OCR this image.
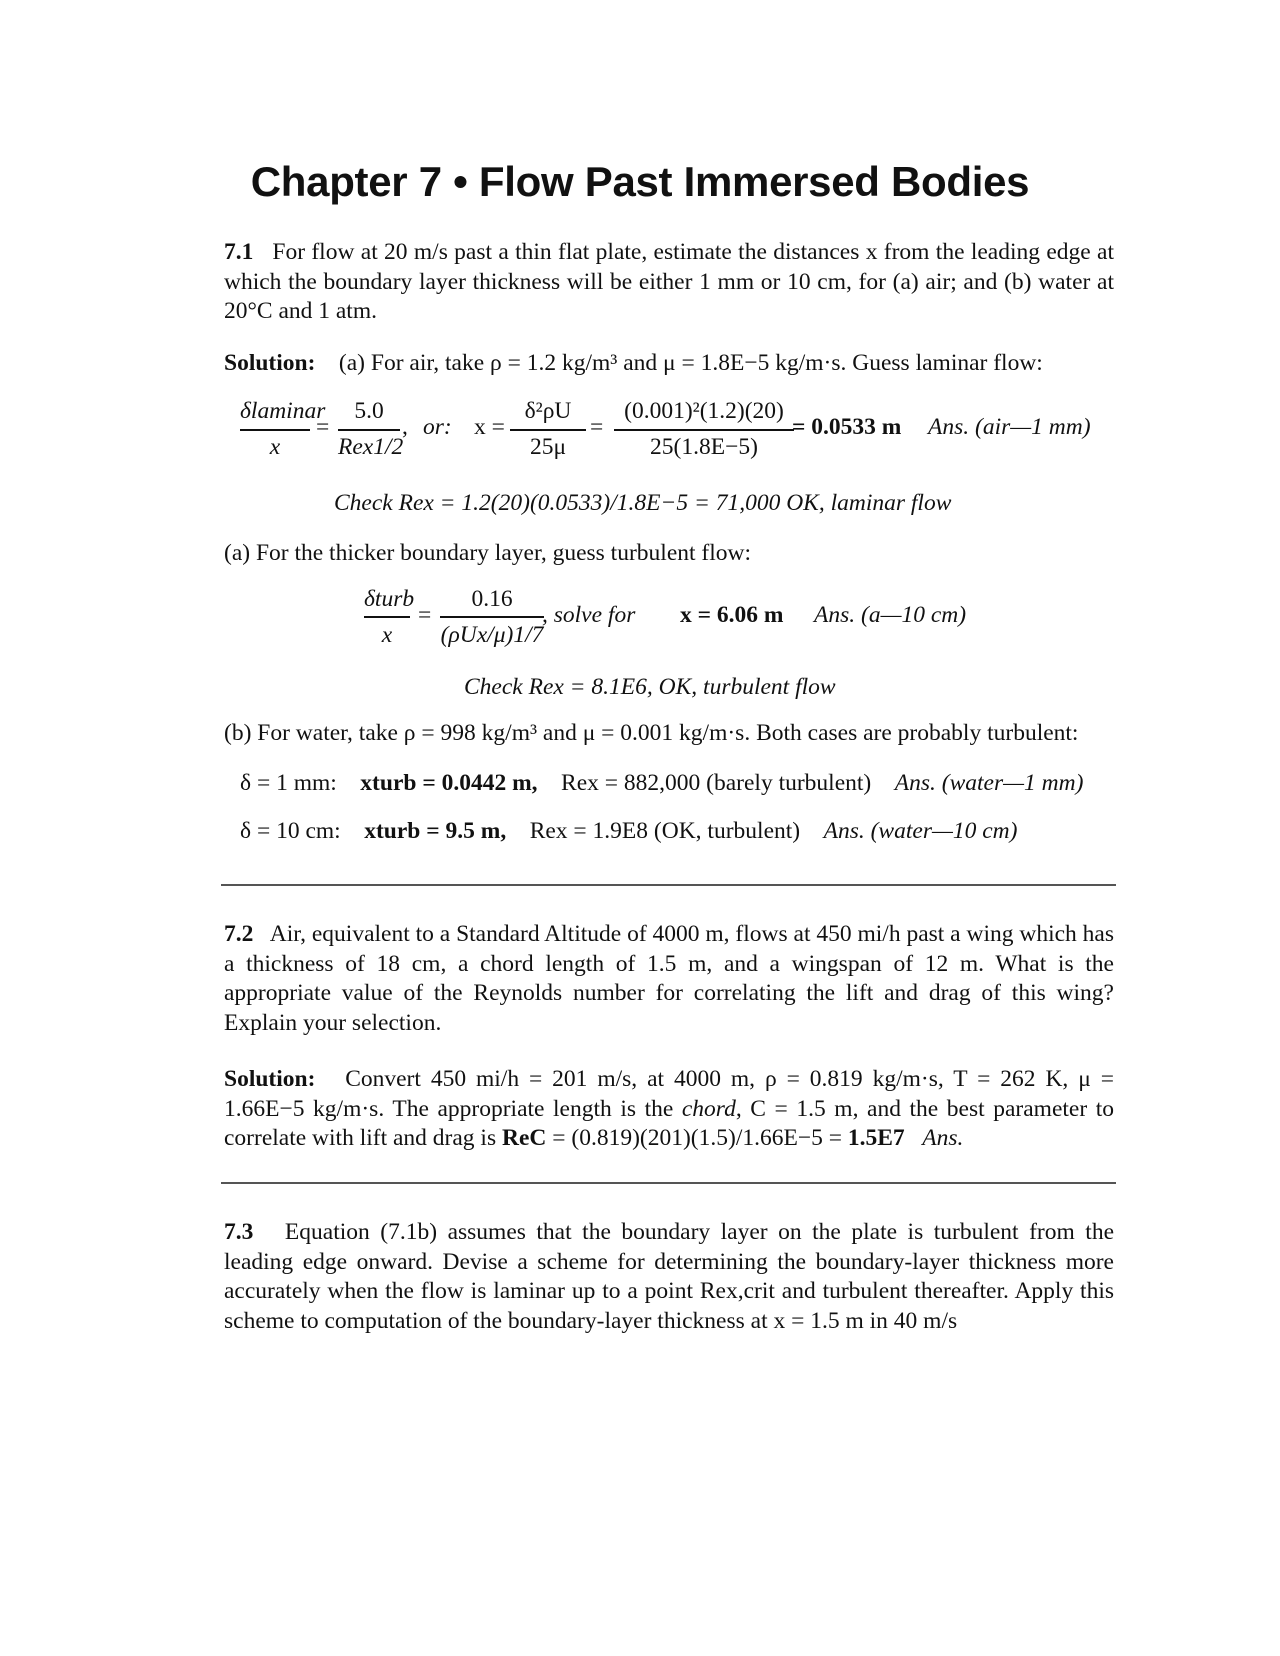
Chapter 7 • Flow Past Immersed Bodies
7.1 For flow at 20 m/s past a thin flat plate, estimate the distances x from the leading edge at which the boundary layer thickness will be either 1 mm or 10 cm, for (a) air; and (b) water at 20°C and 1 atm.
Solution: (a) For air, take ρ = 1.2 kg/m³ and μ = 1.8E−5 kg/m·s. Guess laminar flow:
δlaminar
x
=
5.0
Rex1/2
, or: x =
δ²ρU
25μ
=
(0.001)²(1.2)(20)
25(1.8E−5)
= 0.0533 m Ans. (air—1 mm)
Check Rex = 1.2(20)(0.0533)/1.8E−5 = 71,000 OK, laminar flow
(a) For the thicker boundary layer, guess turbulent flow:
δturb
x
=
0.16
(ρUx/μ)1/7
, solve for x = 6.06 m Ans. (a—10 cm)
Check Rex = 8.1E6, OK, turbulent flow
(b) For water, take ρ = 998 kg/m³ and μ = 0.001 kg/m·s. Both cases are probably turbulent:
δ = 1 mm: xturb = 0.0442 m, Rex = 882,000 (barely turbulent) Ans. (water—1 mm)
δ = 10 cm: xturb = 9.5 m, Rex = 1.9E8 (OK, turbulent) Ans. (water—10 cm)
7.2 Air, equivalent to a Standard Altitude of 4000 m, flows at 450 mi/h past a wing which has a thickness of 18 cm, a chord length of 1.5 m, and a wingspan of 12 m. What is the appropriate value of the Reynolds number for correlating the lift and drag of this wing? Explain your selection.
Solution: Convert 450 mi/h = 201 m/s, at 4000 m, ρ = 0.819 kg/m·s, T = 262 K, μ = 1.66E−5 kg/m·s. The appropriate length is the chord, C = 1.5 m, and the best parameter to correlate with lift and drag is ReC = (0.819)(201)(1.5)/1.66E−5 = 1.5E7 Ans.
7.3 Equation (7.1b) assumes that the boundary layer on the plate is turbulent from the leading edge onward. Devise a scheme for determining the boundary-layer thickness more accurately when the flow is laminar up to a point Rex,crit and turbulent thereafter. Apply this scheme to computation of the boundary-layer thickness at x = 1.5 m in 40 m/s
